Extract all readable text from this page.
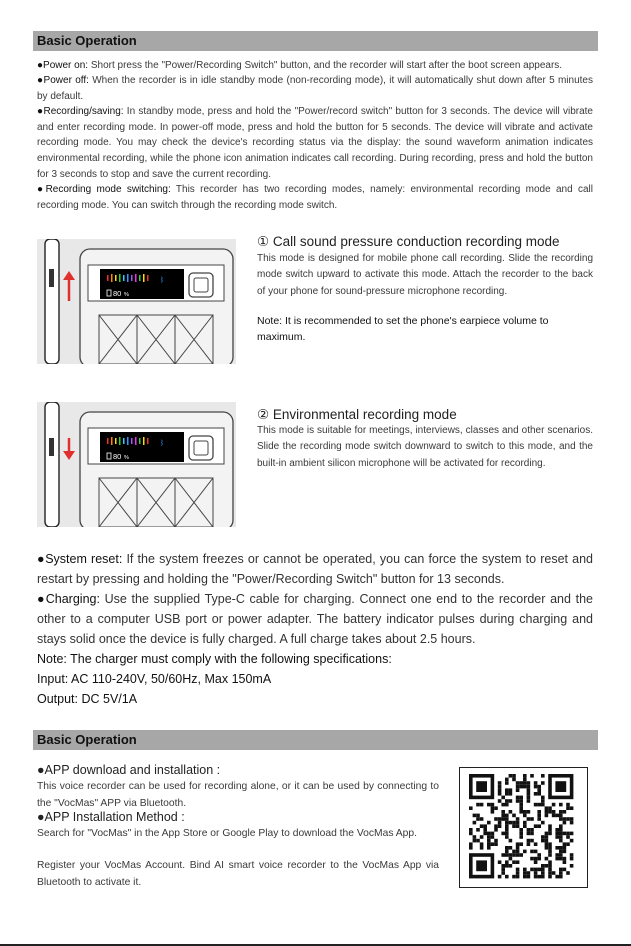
Basic Operation
●Power on: Short press the "Power/Recording Switch" button, and the recorder will start after the boot screen appears.
●Power off: When the recorder is in idle standby mode (non-recording mode), it will automatically shut down after 5 minutes by default.
●Recording/saving: In standby mode, press and hold the "Power/record switch" button for 3 seconds. The device will vibrate and enter recording mode. In power-off mode, press and hold the button for 5 seconds. The device will vibrate and activate recording mode. You may check the device's recording status via the display: the sound waveform animation indicates environmental recording, while the phone icon animation indicates call recording. During recording, press and hold the button for 3 seconds to stop and save the current recording.
●Recording mode switching: This recorder has two recording modes, namely: environmental recording mode and call recording mode. You can switch through the recording mode switch.
ᛒ
80 %
① Call sound pressure conduction recording mode
This mode is designed for mobile phone call recording. Slide the recording mode switch upward to activate this mode. Attach the recorder to the back of your phone for sound-pressure microphone recording.
Note: It is recommended to set the phone's earpiece volume to maximum.
ᛒ
80 %
② Environmental recording mode
This mode is suitable for meetings, interviews, classes and other scenarios. Slide the recording mode switch downward to switch to this mode, and the built-in ambient silicon microphone will be activated for recording.
●System reset: If the system freezes or cannot be operated, you can force the system to reset and restart by pressing and holding the "Power/Recording Switch" button for 13 seconds.
●Charging: Use the supplied Type-C cable for charging. Connect one end to the recorder and the other to a computer USB port or power adapter. The battery indicator pulses during charging and stays solid once the device is fully charged. A full charge takes about 2.5 hours.
Note: The charger must comply with the following specifications:
Input: AC 110-240V, 50/60Hz, Max 150mA
Output: DC 5V/1A
Basic Operation
●APP download and installation :
This voice recorder can be used for recording alone, or it can be used by connecting to the "VocMas" APP via Bluetooth.
●APP Installation Method :
Search for "VocMas" in the App Store or Google Play to download the VocMas App.
Register your VocMas Account. Bind AI smart voice recorder to the VocMas App via Bluetooth to activate it.
